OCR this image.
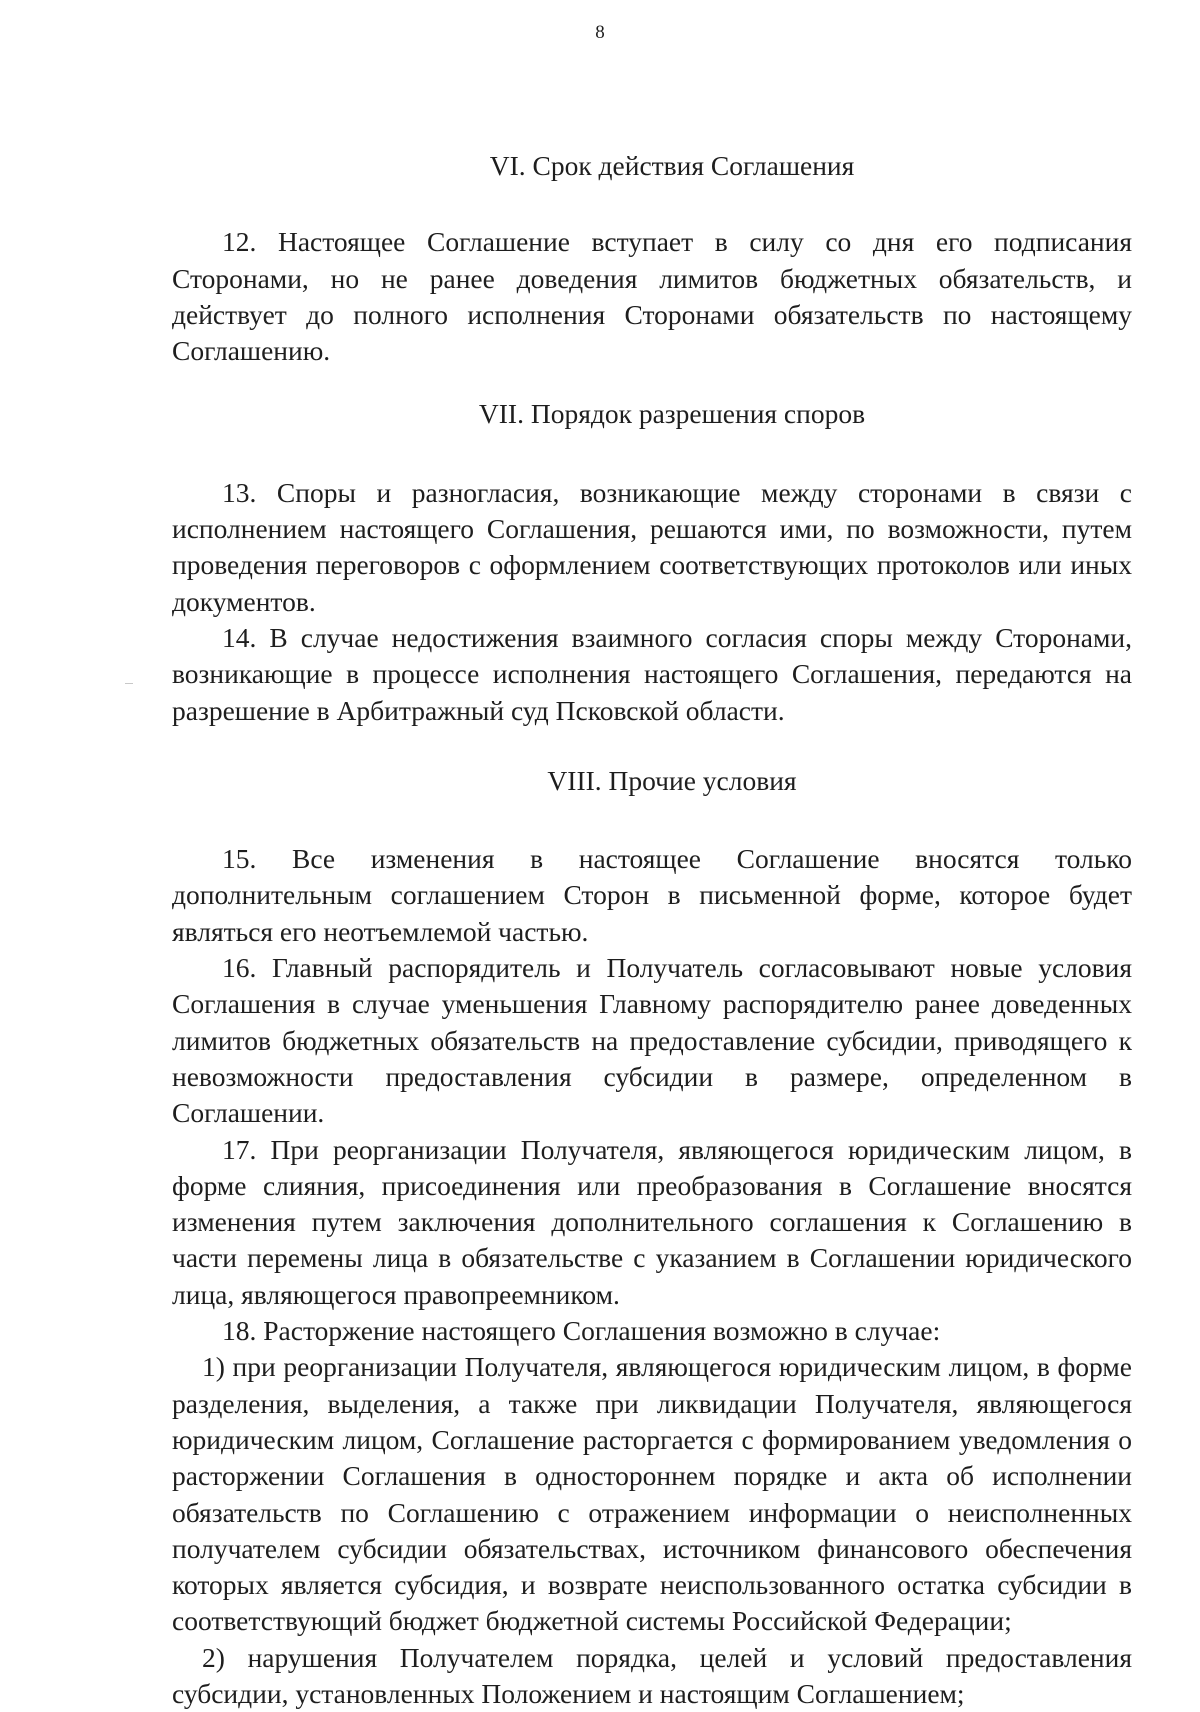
8
VI. Срок действия Соглашения

12. Настоящее Соглашение вступает в силу со дня его подписания Сторонами, но не ранее доведения лимитов бюджетных обязательств, и действует до полного исполнения Сторонами обязательств по настоящему Соглашению.

VII. Порядок разрешения споров

13. Споры и разногласия, возникающие между сторонами в связи с исполнением настоящего Соглашения, решаются ими, по возможности, путем проведения переговоров с оформлением соответствующих протоколов или иных документов.

14. В случае недостижения взаимного согласия споры между Сторонами, возникающие в процессе исполнения настоящего Соглашения, передаются на разрешение в Арбитражный суд Псковской области.

VIII. Прочие условия

15. Все изменения в настоящее Соглашение вносятся только дополнительным соглашением Сторон в письменной форме, которое будет являться его неотъемлемой частью.

16. Главный распорядитель и Получатель согласовывают новые условия Соглашения в случае уменьшения Главному распорядителю ранее доведенных лимитов бюджетных обязательств на предоставление субсидии, приводящего к невозможности предоставления субсидии в размере, определенном в Соглашении.

17. При реорганизации Получателя, являющегося юридическим лицом, в форме слияния, присоединения или преобразования в Соглашение вносятся изменения путем заключения дополнительного соглашения к Соглашению в части перемены лица в обязательстве с указанием в Соглашении юридического лица, являющегося правопреемником.

18. Расторжение настоящего Соглашения возможно в случае:

1) при реорганизации Получателя, являющегося юридическим лицом, в форме разделения, выделения, а также при ликвидации Получателя, являющегося юридическим лицом, Соглашение расторгается с формированием уведомления о расторжении Соглашения в одностороннем порядке и акта об исполнении обязательств по Соглашению с отражением информации о неисполненных получателем субсидии обязательствах, источником финансового обеспечения которых является субсидия, и возврате неиспользованного остатка субсидии в соответствующий бюджет бюджетной системы Российской Федерации;

2) нарушения Получателем порядка, целей и условий предоставления субсидии, установленных Положением и настоящим Соглашением;
